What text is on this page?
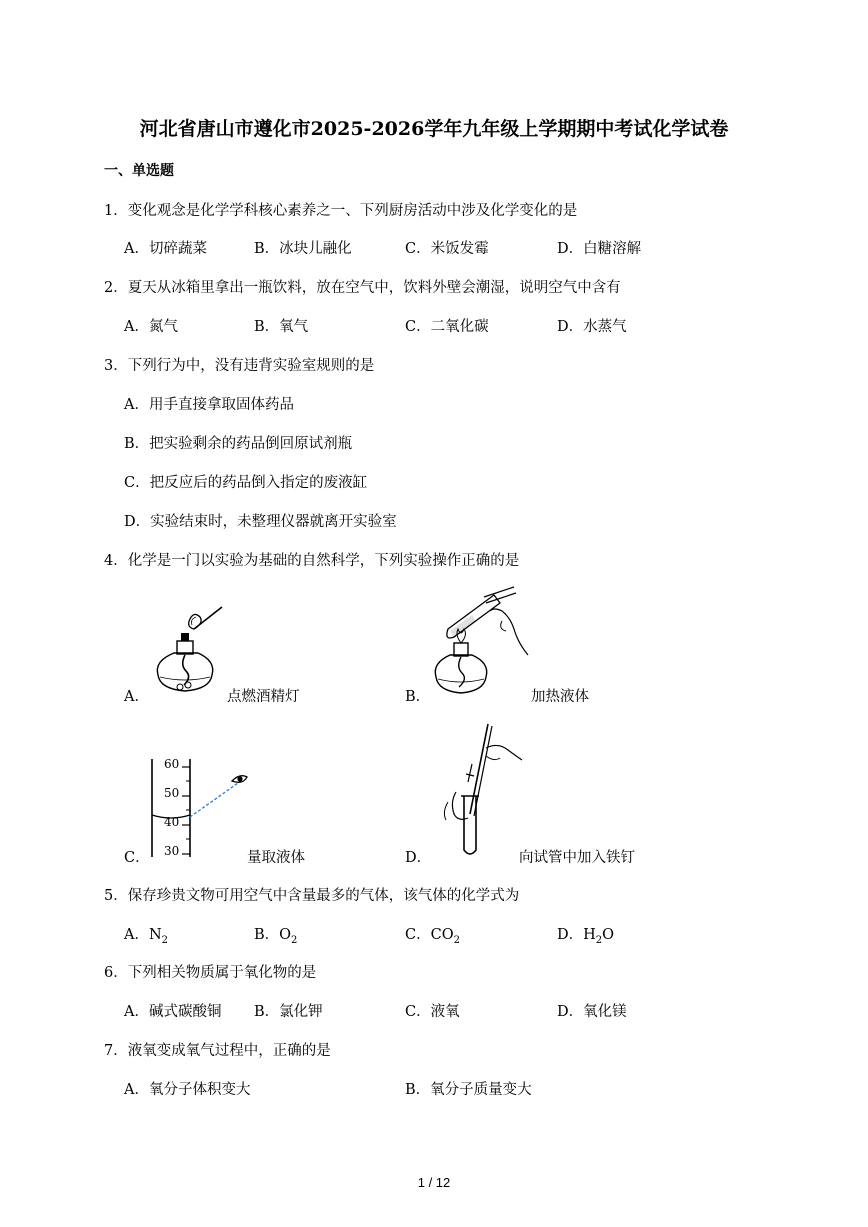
河北省唐山市遵化市2025-2026学年九年级上学期期中考试化学试卷
一、单选题
1．变化观念是化学学科核心素养之一、下列厨房活动中涉及化学变化的是
A．切碎蔬菜	B．冰块儿融化	C．米饭发霉	D．白糖溶解
2．夏天从冰箱里拿出一瓶饮料，放在空气中，饮料外壁会潮湿，说明空气中含有
A．氮气	B．氧气	C．二氧化碳	D．水蒸气
3．下列行为中，没有违背实验室规则的是
A．用手直接拿取固体药品
B．把实验剩余的药品倒回原试剂瓶
C．把反应后的药品倒入指定的废液缸
D．实验结束时，未整理仪器就离开实验室
4．化学是一门以实验为基础的自然科学，下列实验操作正确的是
A．	点燃酒精灯	B．	加热液体
C．
60
50
40
30	量取液体	D．	向试管中加入铁钉
5．保存珍贵文物可用空气中含量最多的气体，该气体的化学式为
A．$N_2$	B．$O_2$	C．$CO_2$	D．$H_2O$
6．下列相关物质属于氧化物的是
A．碱式碳酸铜 B．氯化钾	C．液氧	D．氧化镁
7．液氧变成氧气过程中，正确的是
A．氧分子体积变大	B．氧分子质量变大
1 / 12
